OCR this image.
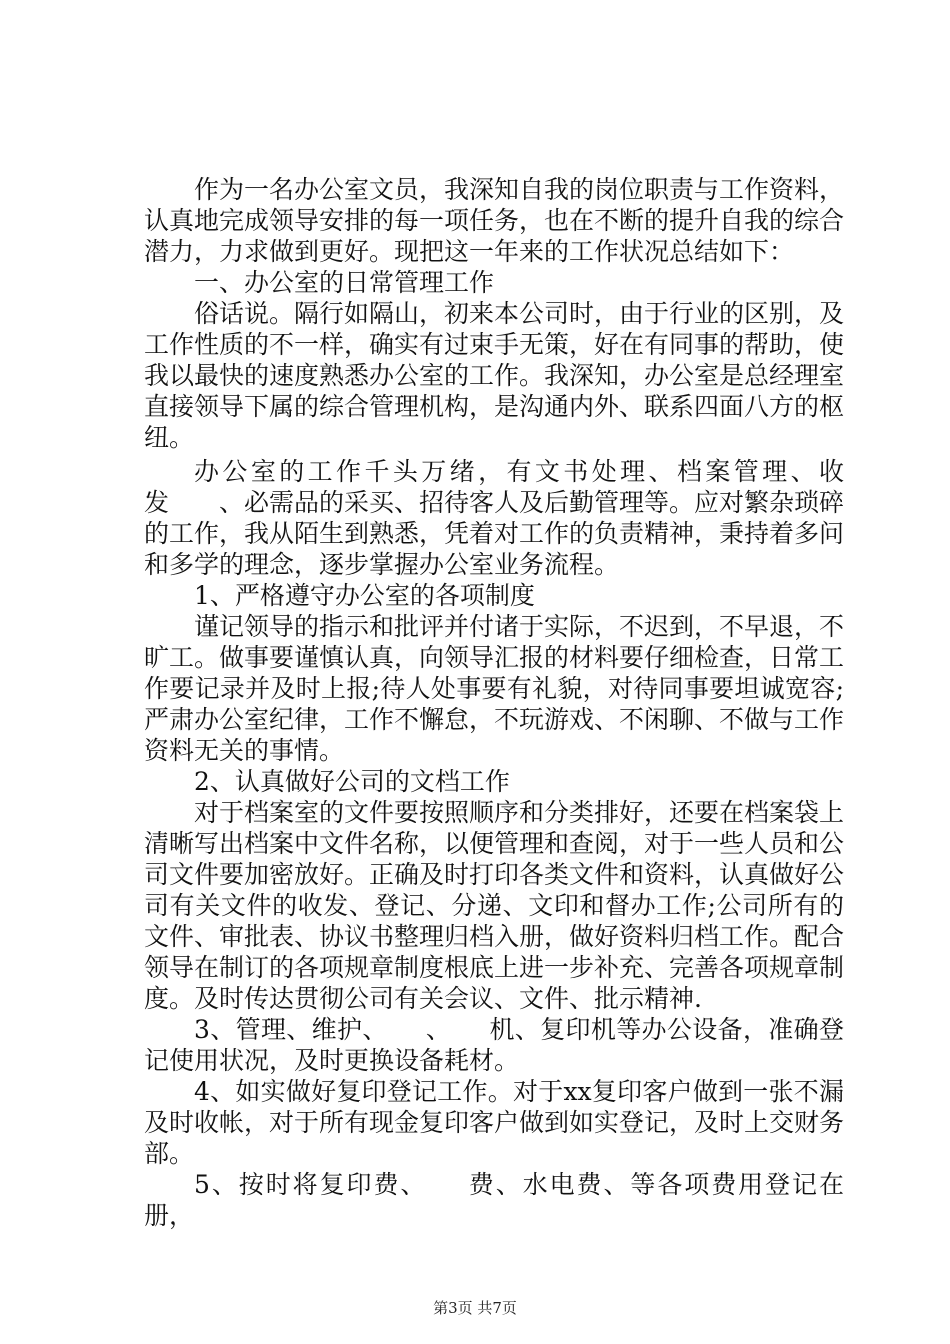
作为一名办公室文员，我深知自我的岗位职责与工作资料，认真地完成领导安排的每一项任务，也在不断的提升自我的综合潜力，力求做到更好。现把这一年来的工作状况总结如下：

一、办公室的日常管理工作

俗话说。隔行如隔山，初来本公司时，由于行业的区别，及工作性质的不一样，确实有过束手无策，好在有同事的帮助，使我以最快的速度熟悉办公室的工作。我深知，办公室是总经理室直接领导下属的综合管理机构，是沟通内外、联系四面八方的枢纽。

办公室的工作千头万绪，有文书处理、档案管理、收发　　、必需品的采买、招待客人及后勤管理等。应对繁杂琐碎的工作，我从陌生到熟悉，凭着对工作的负责精神，秉持着多问和多学的理念，逐步掌握办公室业务流程。

1、严格遵守办公室的各项制度

谨记领导的指示和批评并付诸于实际，不迟到，不早退，不旷工。做事要谨慎认真，向领导汇报的材料要仔细检查，日常工作要记录并及时上报;待人处事要有礼貌，对待同事要坦诚宽容;严肃办公室纪律，工作不懈怠，不玩游戏、不闲聊、不做与工作资料无关的事情。

2、认真做好公司的文档工作

对于档案室的文件要按照顺序和分类排好，还要在档案袋上清晰写出档案中文件名称，以便管理和查阅，对于一些人员和公司文件要加密放好。正确及时打印各类文件和资料，认真做好公司有关文件的收发、登记、分递、文印和督办工作;公司所有的文件、审批表、协议书整理归档入册，做好资料归档工作。配合领导在制订的各项规章制度根底上进一步补充、完善各项规章制度。及时传达贯彻公司有关会议、文件、批示精神.

3、管理、维护、　　、　　机、复印机等办公设备，准确登记使用状况，及时更换设备耗材。

4、如实做好复印登记工作。对于xx复印客户做到一张不漏及时收帐，对于所有现金复印客户做到如实登记，及时上交财务部。

5、按时将复印费、　　费、水电费、等各项费用登记在册，

第3页 共7页
